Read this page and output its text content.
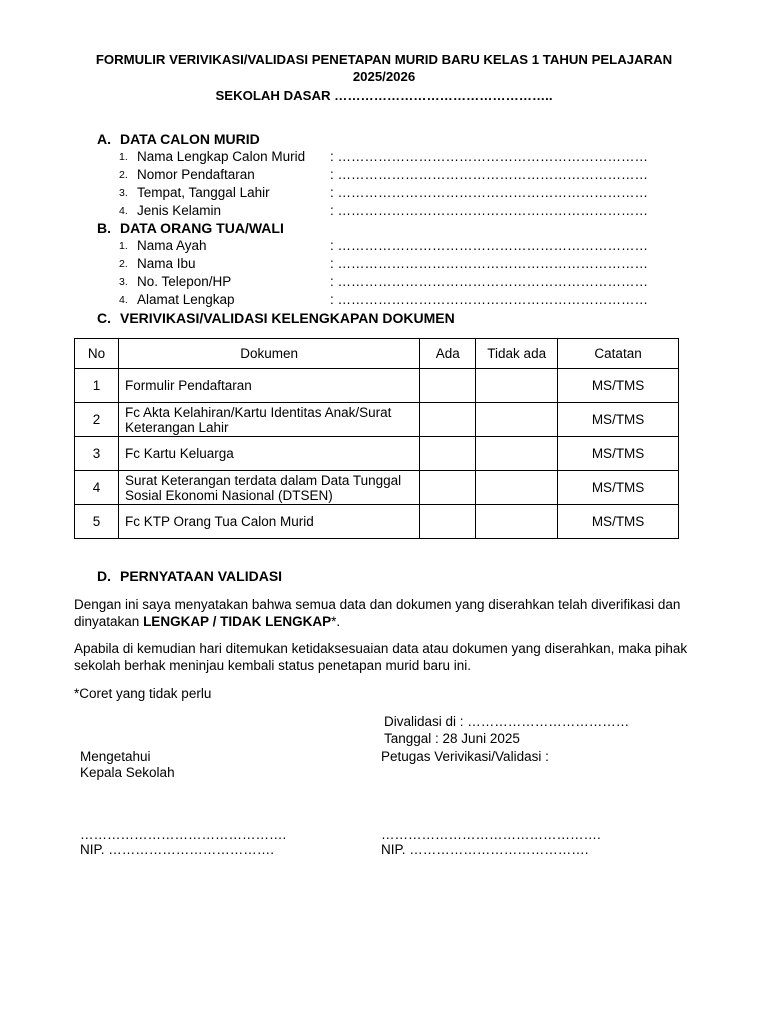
FORMULIR VERIVIKASI/VALIDASI PENETAPAN MURID BARU KELAS 1 TAHUN PELAJARAN
2025/2026
SEKOLAH DASAR …………………………………………..
A. DATA CALON MURID
1. Nama Lengkap Calon Murid : ……………………………………………………………
2. Nomor Pendaftaran	: ……………………………………………………………
3. Tempat, Tanggal Lahir	: ……………………………………………………………
4. Jenis Kelamin	: ……………………………………………………………
B. DATA ORANG TUA/WALI
1. Nama Ayah	: ……………………………………………………………
2. Nama Ibu	: ……………………………………………………………
3. No. Telepon/HP	: ……………………………………………………………
4. Alamat Lengkap	: ……………………………………………………………
C. VERIVIKASI/VALIDASI KELENGKAPAN DOKUMEN
No	Dokumen	Ada	Tidak ada	Catatan
1	Formulir Pendaftaran			MS/TMS
2	Fc Akta Kelahiran/Kartu Identitas Anak/Surat Keterangan Lahir			MS/TMS
3	Fc Kartu Keluarga			MS/TMS
4	Surat Keterangan terdata dalam Data Tunggal Sosial Ekonomi Nasional (DTSEN)			MS/TMS
5	Fc KTP Orang Tua Calon Murid			MS/TMS
D. PERNYATAAN VALIDASI
Dengan ini saya menyatakan bahwa semua data dan dokumen yang diserahkan telah diverifikasi dan dinyatakan LENGKAP / TIDAK LENGKAP*.
Apabila di kemudian hari ditemukan ketidaksesuaian data atau dokumen yang diserahkan, maka pihak sekolah berhak meninjau kembali status penetapan murid baru ini.
*Coret yang tidak perlu
Divalidasi di : ………………………………
Tanggal : 28 Juni 2025
Mengetahui
Kepala Sekolah
Petugas Verivikasi/Validasi :
……………………………………….
NIP. ……………………………….
………………………………………….
NIP. ………………………………….
